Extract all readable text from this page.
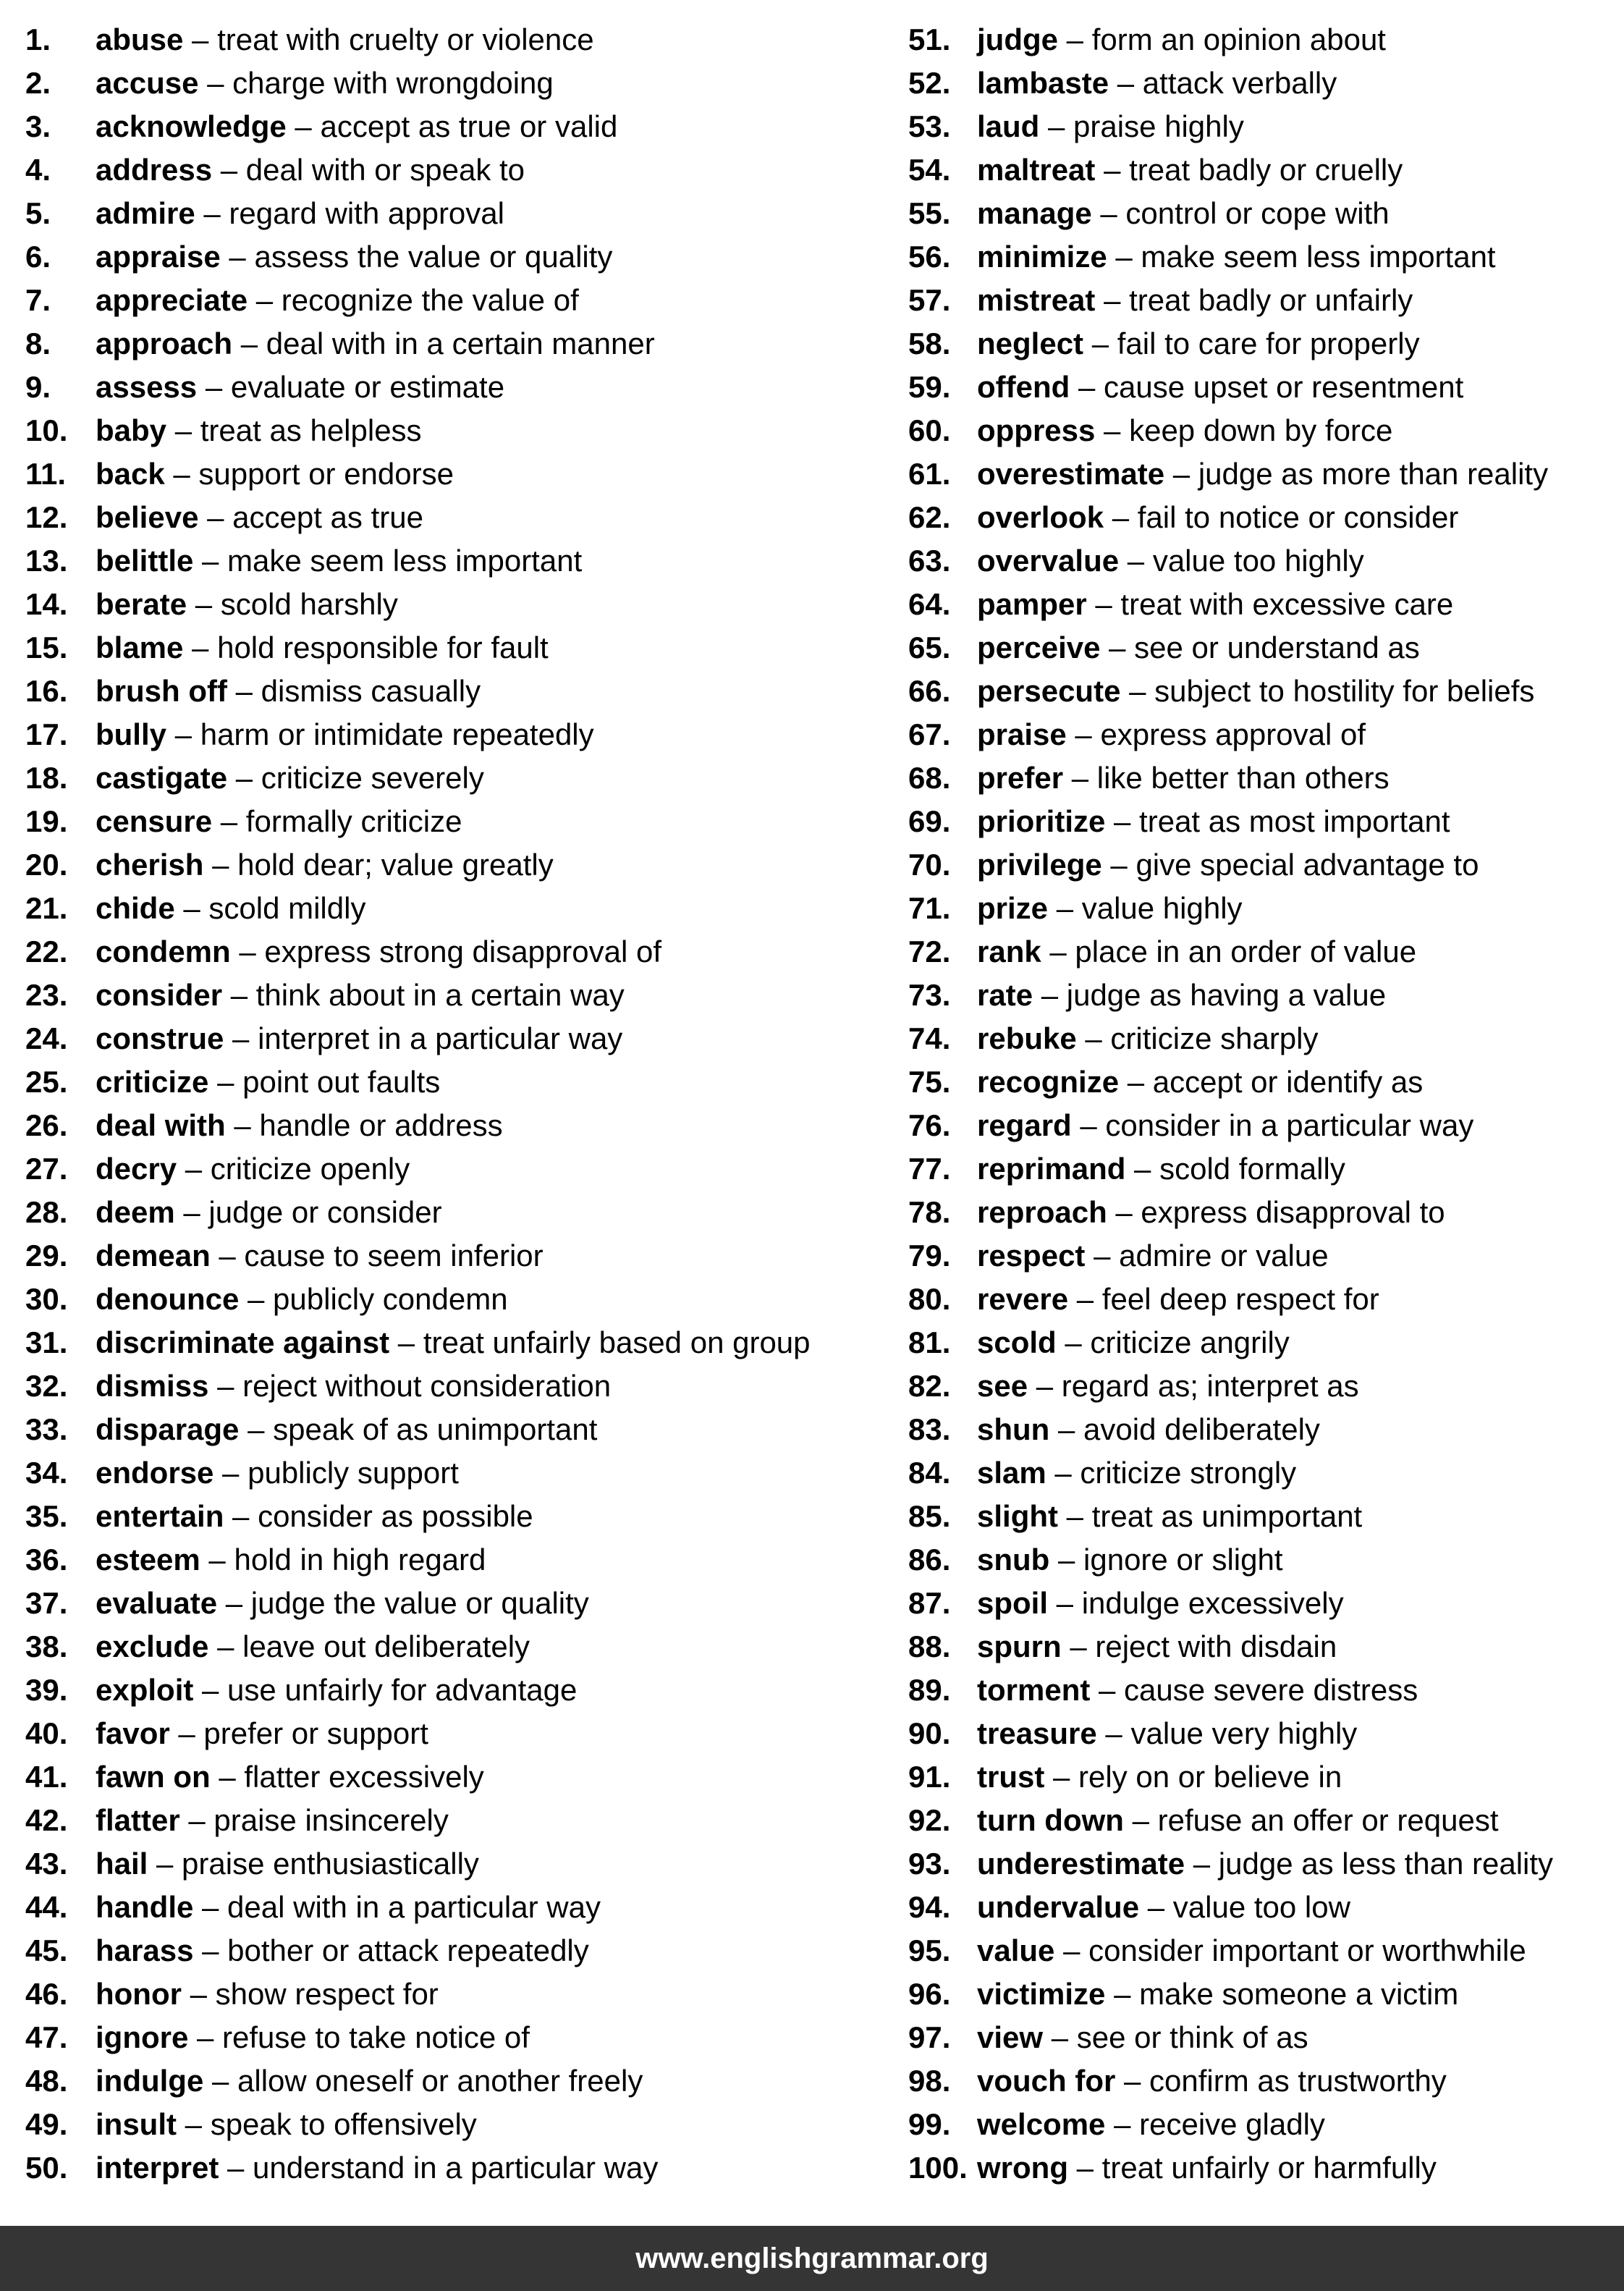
1.	abuse – treat with cruelty or violence
2.	accuse – charge with wrongdoing
3.	acknowledge – accept as true or valid
4.	address – deal with or speak to
5.	admire – regard with approval
6.	appraise – assess the value or quality
7.	appreciate – recognize the value of
8.	approach – deal with in a certain manner
9.	assess – evaluate or estimate
10. baby – treat as helpless
11. back – support or endorse
12. believe – accept as true
13. belittle – make seem less important
14. berate – scold harshly
15. blame – hold responsible for fault
16. brush off – dismiss casually
17. bully – harm or intimidate repeatedly
18. castigate – criticize severely
19. censure – formally criticize
20. cherish – hold dear; value greatly
21. chide – scold mildly
22. condemn – express strong disapproval of
23. consider – think about in a certain way
24. construe – interpret in a particular way
25. criticize – point out faults
26. deal with – handle or address
27. decry – criticize openly
28. deem – judge or consider
29. demean – cause to seem inferior
30. denounce – publicly condemn
31. discriminate against – treat unfairly based on group
32. dismiss – reject without consideration
33. disparage – speak of as unimportant
34. endorse – publicly support
35. entertain – consider as possible
36. esteem – hold in high regard
37. evaluate – judge the value or quality
38. exclude – leave out deliberately
39. exploit – use unfairly for advantage
40. favor – prefer or support
41. fawn on – flatter excessively
42. flatter – praise insincerely
43. hail – praise enthusiastically
44. handle – deal with in a particular way
45. harass – bother or attack repeatedly
46. honor – show respect for
47. ignore – refuse to take notice of
48. indulge – allow oneself or another freely
49. insult – speak to offensively
50. interpret – understand in a particular way
51. judge – form an opinion about
52. lambaste – attack verbally
53. laud – praise highly
54. maltreat – treat badly or cruelly
55. manage – control or cope with
56. minimize – make seem less important
57. mistreat – treat badly or unfairly
58. neglect – fail to care for properly
59. offend – cause upset or resentment
60. oppress – keep down by force
61. overestimate – judge as more than reality
62. overlook – fail to notice or consider
63. overvalue – value too highly
64. pamper – treat with excessive care
65. perceive – see or understand as
66. persecute – subject to hostility for beliefs
67. praise – express approval of
68. prefer – like better than others
69. prioritize – treat as most important
70. privilege – give special advantage to
71. prize – value highly
72. rank – place in an order of value
73. rate – judge as having a value
74. rebuke – criticize sharply
75. recognize – accept or identify as
76. regard – consider in a particular way
77. reprimand – scold formally
78. reproach – express disapproval to
79. respect – admire or value
80. revere – feel deep respect for
81. scold – criticize angrily
82. see – regard as; interpret as
83. shun – avoid deliberately
84. slam – criticize strongly
85. slight – treat as unimportant
86. snub – ignore or slight
87. spoil – indulge excessively
88. spurn – reject with disdain
89. torment – cause severe distress
90. treasure – value very highly
91. trust – rely on or believe in
92. turn down – refuse an offer or request
93. underestimate – judge as less than reality
94. undervalue – value too low
95. value – consider important or worthwhile
96. victimize – make someone a victim
97. view – see or think of as
98. vouch for – confirm as trustworthy
99. welcome – receive gladly
100. wrong – treat unfairly or harmfully
www.englishgrammar.org
